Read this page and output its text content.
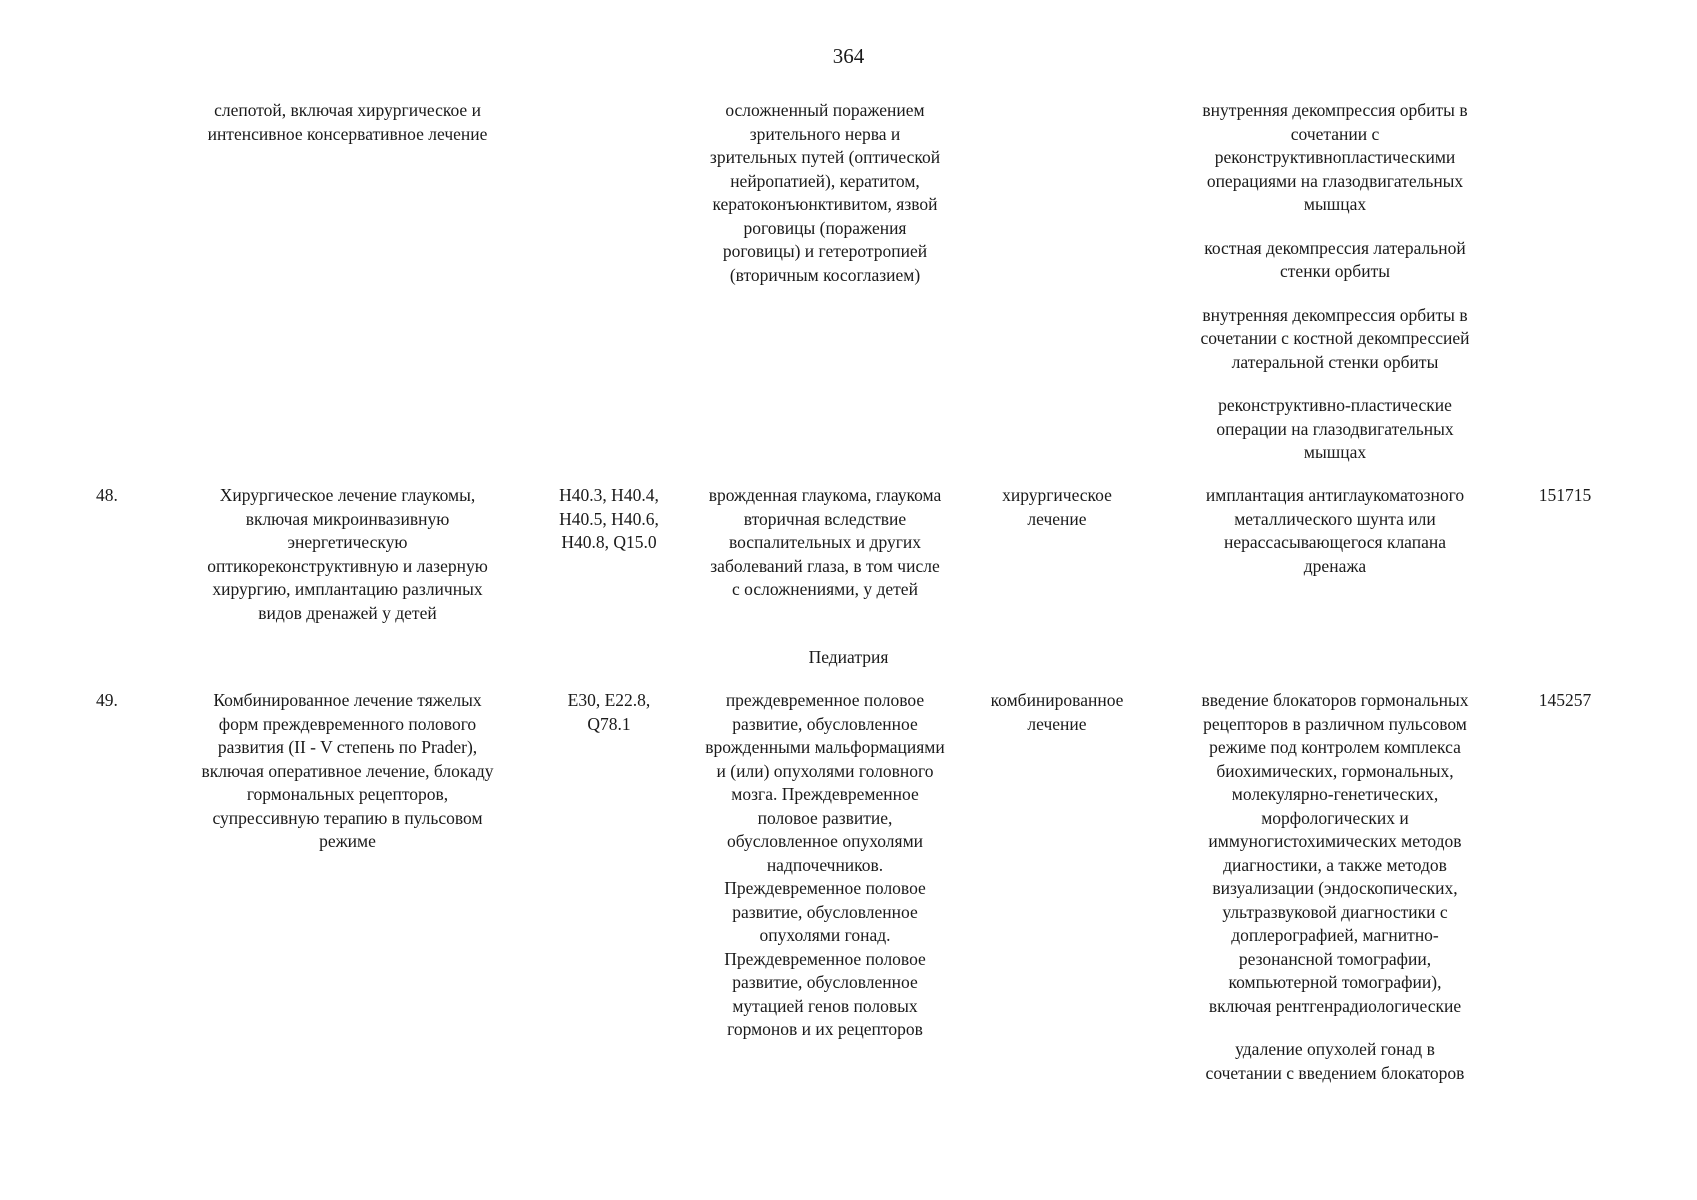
364
слепотой, включая хирургическое и
интенсивное консервативное лечение
осложненный поражением
зрительного нерва и
зрительных путей (оптической
нейропатией), кератитом,
кератоконъюнктивитом, язвой
роговицы (поражения
роговицы) и гетеротропией
(вторичным косоглазием)
внутренняя декомпрессия орбиты в
сочетании с
реконструктивнопластическими
операциями на глазодвигательных
мышцах
костная декомпрессия латеральной
стенки орбиты
внутренняя декомпрессия орбиты в
сочетании с костной декомпрессией
латеральной стенки орбиты
реконструктивно-пластические
операции на глазодвигательных
мышцах
48.	Хирургическое лечение глаукомы,
включая микроинвазивную
энергетическую
оптикореконструктивную и лазерную
хирургию, имплантацию различных
видов дренажей у детей
H40.3, H40.4,
H40.5, H40.6,
H40.8, Q15.0
врожденная глаукома, глаукома
вторичная вследствие
воспалительных и других
заболеваний глаза, в том числе
с осложнениями, у детей
хирургическое
лечение
имплантация антиглаукоматозного
металлического шунта или
нерассасывающегося клапана
дренажа
151715
Педиатрия
49.	Комбинированное лечение тяжелых
форм преждевременного полового
развития (II - V степень по Prader),
включая оперативное лечение, блокаду
гормональных рецепторов,
супрессивную терапию в пульсовом
режиме
E30, E22.8,
Q78.1
преждевременное половое
развитие, обусловленное
врожденными мальформациями
и (или) опухолями головного
мозга. Преждевременное
половое развитие,
обусловленное опухолями
надпочечников.
Преждевременное половое
развитие, обусловленное
опухолями гонад.
Преждевременное половое
развитие, обусловленное
мутацией генов половых
гормонов и их рецепторов
комбинированное
лечение
введение блокаторов гормональных
рецепторов в различном пульсовом
режиме под контролем комплекса
биохимических, гормональных,
молекулярно-генетических,
морфологических и
иммуногистохимических методов
диагностики, а также методов
визуализации (эндоскопических,
ультразвуковой диагностики с
доплерографией, магнитно-
резонансной томографии,
компьютерной томографии),
включая рентгенрадиологические
удаление опухолей гонад в
сочетании с введением блокаторов
145257
